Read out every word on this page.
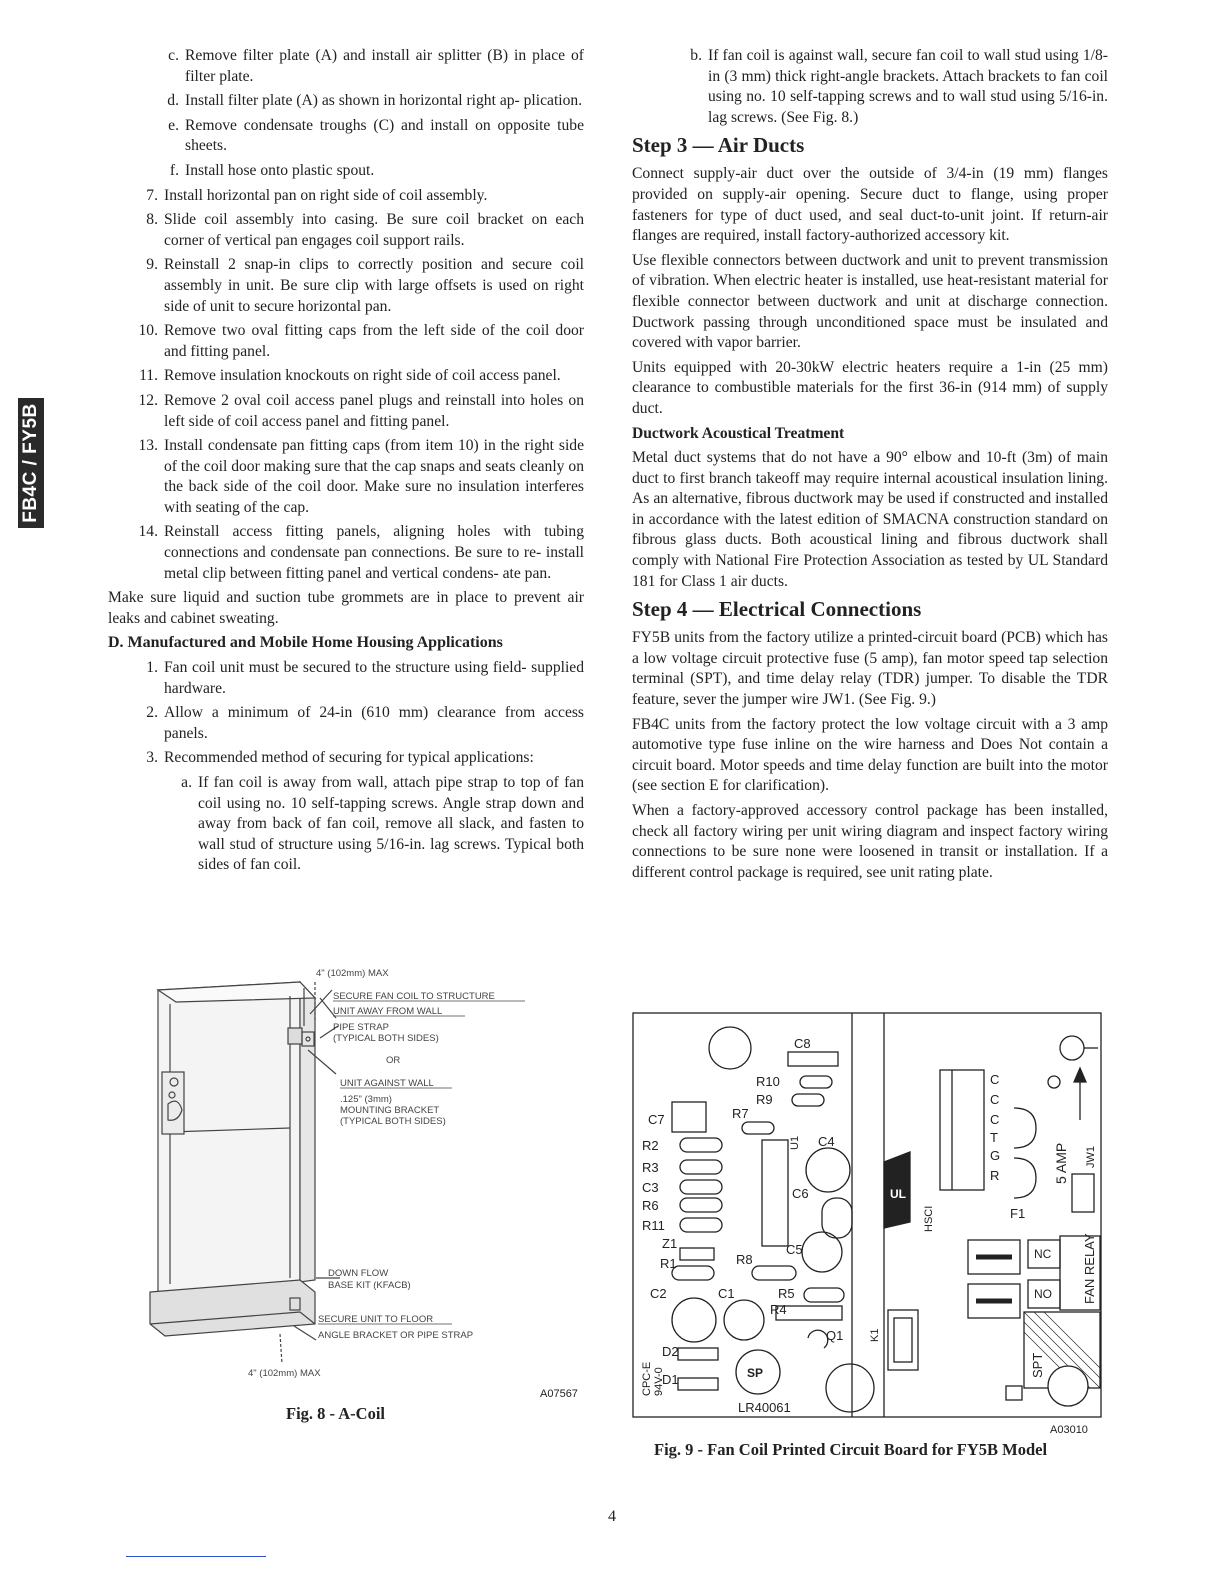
FB4C / FY5B
c. Remove filter plate (A) and install air splitter (B) in place of filter plate.
d. Install filter plate (A) as shown in horizontal right ap- plication.
e. Remove condensate troughs (C) and install on opposite tube sheets.
f. Install hose onto plastic spout.
7. Install horizontal pan on right side of coil assembly.
8. Slide coil assembly into casing. Be sure coil bracket on each corner of vertical pan engages coil support rails.
9. Reinstall 2 snap-in clips to correctly position and secure coil assembly in unit. Be sure clip with large offsets is used on right side of unit to secure horizontal pan.
10. Remove two oval fitting caps from the left side of the coil door and fitting panel.
11. Remove insulation knockouts on right side of coil access panel.
12. Remove 2 oval coil access panel plugs and reinstall into holes on left side of coil access panel and fitting panel.
13. Install condensate pan fitting caps (from item 10) in the right side of the coil door making sure that the cap snaps and seats cleanly on the back side of the coil door. Make sure no insulation interferes with seating of the cap.
14. Reinstall access fitting panels, aligning holes with tubing connections and condensate pan connections. Be sure to re- install metal clip between fitting panel and vertical condens- ate pan.

Make sure liquid and suction tube grommets are in place to prevent air leaks and cabinet sweating.

D. Manufactured and Mobile Home Housing Applications
1. Fan coil unit must be secured to the structure using field- supplied hardware.
2. Allow a minimum of 24-in (610 mm) clearance from access panels.
3. Recommended method of securing for typical applications:
a. If fan coil is away from wall, attach pipe strap to top of fan coil using no. 10 self-tapping screws. Angle strap down and away from back of fan coil, remove all slack, and fasten to wall stud of structure using 5/16-in. lag screws. Typical both sides of fan coil.
4" (102mm) MAX
SECURE FAN COIL TO STRUCTURE
UNIT AWAY FROM WALL
PIPE STRAP
(TYPICAL BOTH SIDES)
OR
UNIT AGAINST WALL
.125" (3mm)
MOUNTING BRACKET
(TYPICAL BOTH SIDES)
DOWN FLOW
BASE KIT (KFACB)
SECURE UNIT TO FLOOR
ANGLE BRACKET OR PIPE STRAP
4" (102mm) MAX
A07567
Fig. 8 - A-Coil
b. If fan coil is against wall, secure fan coil to wall stud using 1/8-in (3 mm) thick right-angle brackets. Attach brackets to fan coil using no. 10 self-tapping screws and to wall stud using 5/16-in. lag screws. (See Fig. 8.)
Step 3 — Air Ducts

Connect supply-air duct over the outside of 3/4-in (19 mm) flanges provided on supply-air opening. Secure duct to flange, using proper fasteners for type of duct used, and seal duct-to-unit joint. If return-air flanges are required, install factory-authorized accessory kit.

Use flexible connectors between ductwork and unit to prevent transmission of vibration. When electric heater is installed, use heat-resistant material for flexible connector between ductwork and unit at discharge connection. Ductwork passing through unconditioned space must be insulated and covered with vapor barrier.

Units equipped with 20-30kW electric heaters require a 1-in (25 mm) clearance to combustible materials for the first 36-in (914 mm) of supply duct.

Ductwork Acoustical Treatment

Metal duct systems that do not have a 90° elbow and 10-ft (3m) of main duct to first branch takeoff may require internal acoustical insulation lining. As an alternative, fibrous ductwork may be used if constructed and installed in accordance with the latest edition of SMACNA construction standard on fibrous glass ducts. Both acoustical lining and fibrous ductwork shall comply with National Fire Protection Association as tested by UL Standard 181 for Class 1 air ducts.

Step 4 — Electrical Connections

FY5B units from the factory utilize a printed-circuit board (PCB) which has a low voltage circuit protective fuse (5 amp), fan motor speed tap selection terminal (SPT), and time delay relay (TDR) jumper. To disable the TDR feature, sever the jumper wire JW1. (See Fig. 9.)

FB4C units from the factory protect the low voltage circuit with a 3 amp automotive type fuse inline on the wire harness and Does Not contain a circuit board. Motor speeds and time delay function are built into the motor (see section E for clarification).

When a factory-approved accessory control package has been installed, check all factory wiring per unit wiring diagram and inspect factory wiring connections to be sure none were loosened in transit or installation. If a different control package is required, see unit rating plate.

C8
R10
R9
C7	R7
R2
R3
C3
R6
R11
U1 C4
C6
Z1
R1	R8
C5
C2	C1	R5
R4
Q1
D2
D1
CPC-E 94V-0
LR40061
K1
HSCI
UL
SP
C
C
C
T
G
R	5 AMP
F1
JW1
NC
NO FAN RELAY
SPT
A03010
Fig. 9 - Fan Coil Printed Circuit Board for FY5B Model
4
